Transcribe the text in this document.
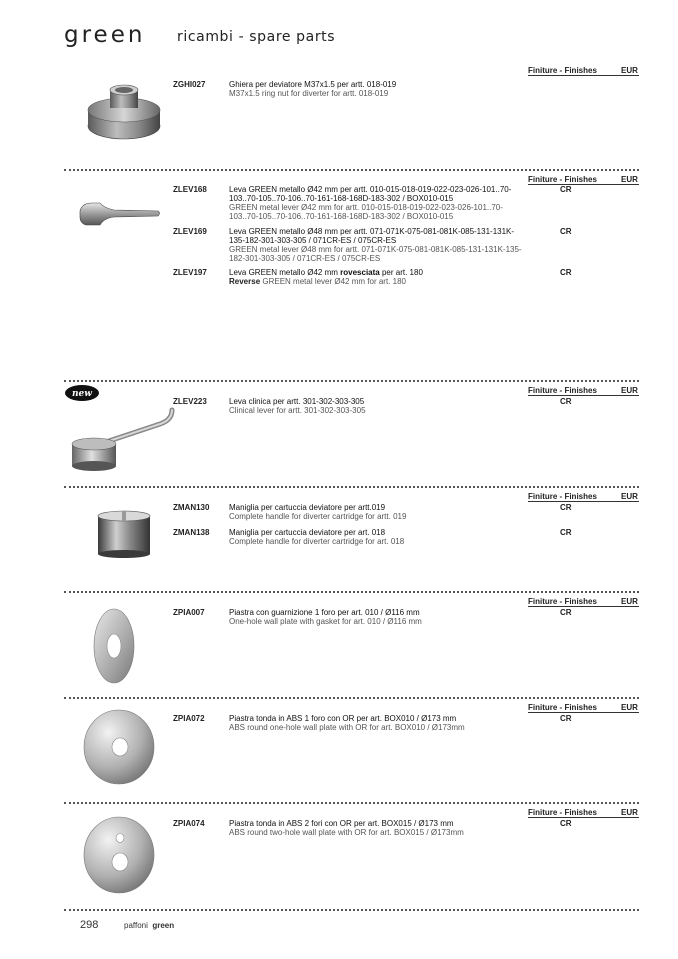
green ricambi - spare parts
Finiture - Finishes	EUR
ZGHI027	Ghiera per deviatore M37x1.5 per artt. 018-019
M37x1.5 ring nut for diverter for artt. 018-019
Finiture - Finishes	EUR
ZLEV168	Leva GREEN metallo Ø42 mm per artt. 010-015-018-019-022-023-026-101..70-103..70-105..70-106..70-161-168-168D-183-302 / BOX010-015
GREEN metal lever Ø42 mm for artt. 010-015-018-019-022-023-026-101..70-103..70-105..70-106..70-161-168-168D-183-302 / BOX010-015
CR
ZLEV169	Leva GREEN metallo Ø48 mm per artt. 071-071K-075-081-081K-085-131-131K-135-182-301-303-305 / 071CR-ES / 075CR-ES
GREEN metal lever Ø48 mm for artt. 071-071K-075-081-081K-085-131-131K-135-182-301-303-305 / 071CR-ES / 075CR-ES
CR
ZLEV197	Leva GREEN metallo Ø42 mm rovesciata per art. 180
Reverse GREEN metal lever Ø42 mm for art. 180
CR
new	Finiture - Finishes	EUR
ZLEV223	Leva clinica per artt. 301-302-303-305
Clinical lever for artt. 301-302-303-305
CR
Finiture - Finishes	EUR
ZMAN130 Maniglia per cartuccia deviatore per artt.019
Complete handle for diverter cartridge for artt. 019
CR
ZMAN138 Maniglia per cartuccia deviatore per art. 018
Complete handle for diverter cartridge for art. 018
CR
Finiture - Finishes	EUR
ZPIA007	Piastra con guarnizione 1 foro per art. 010 / Ø116 mm
One-hole wall plate with gasket for art. 010 / Ø116 mm
CR
Finiture - Finishes	EUR
ZPIA072	Piastra tonda in ABS 1 foro con OR per art. BOX010 / Ø173 mm
ABS round one-hole wall plate with OR for art. BOX010 / Ø173mm
CR
Finiture - Finishes	EUR
ZPIA074	Piastra tonda in ABS 2 fori con OR per art. BOX015 / Ø173 mm
ABS round two-hole wall plate with OR for art. BOX015 / Ø173mm
CR
298	paffoni green
